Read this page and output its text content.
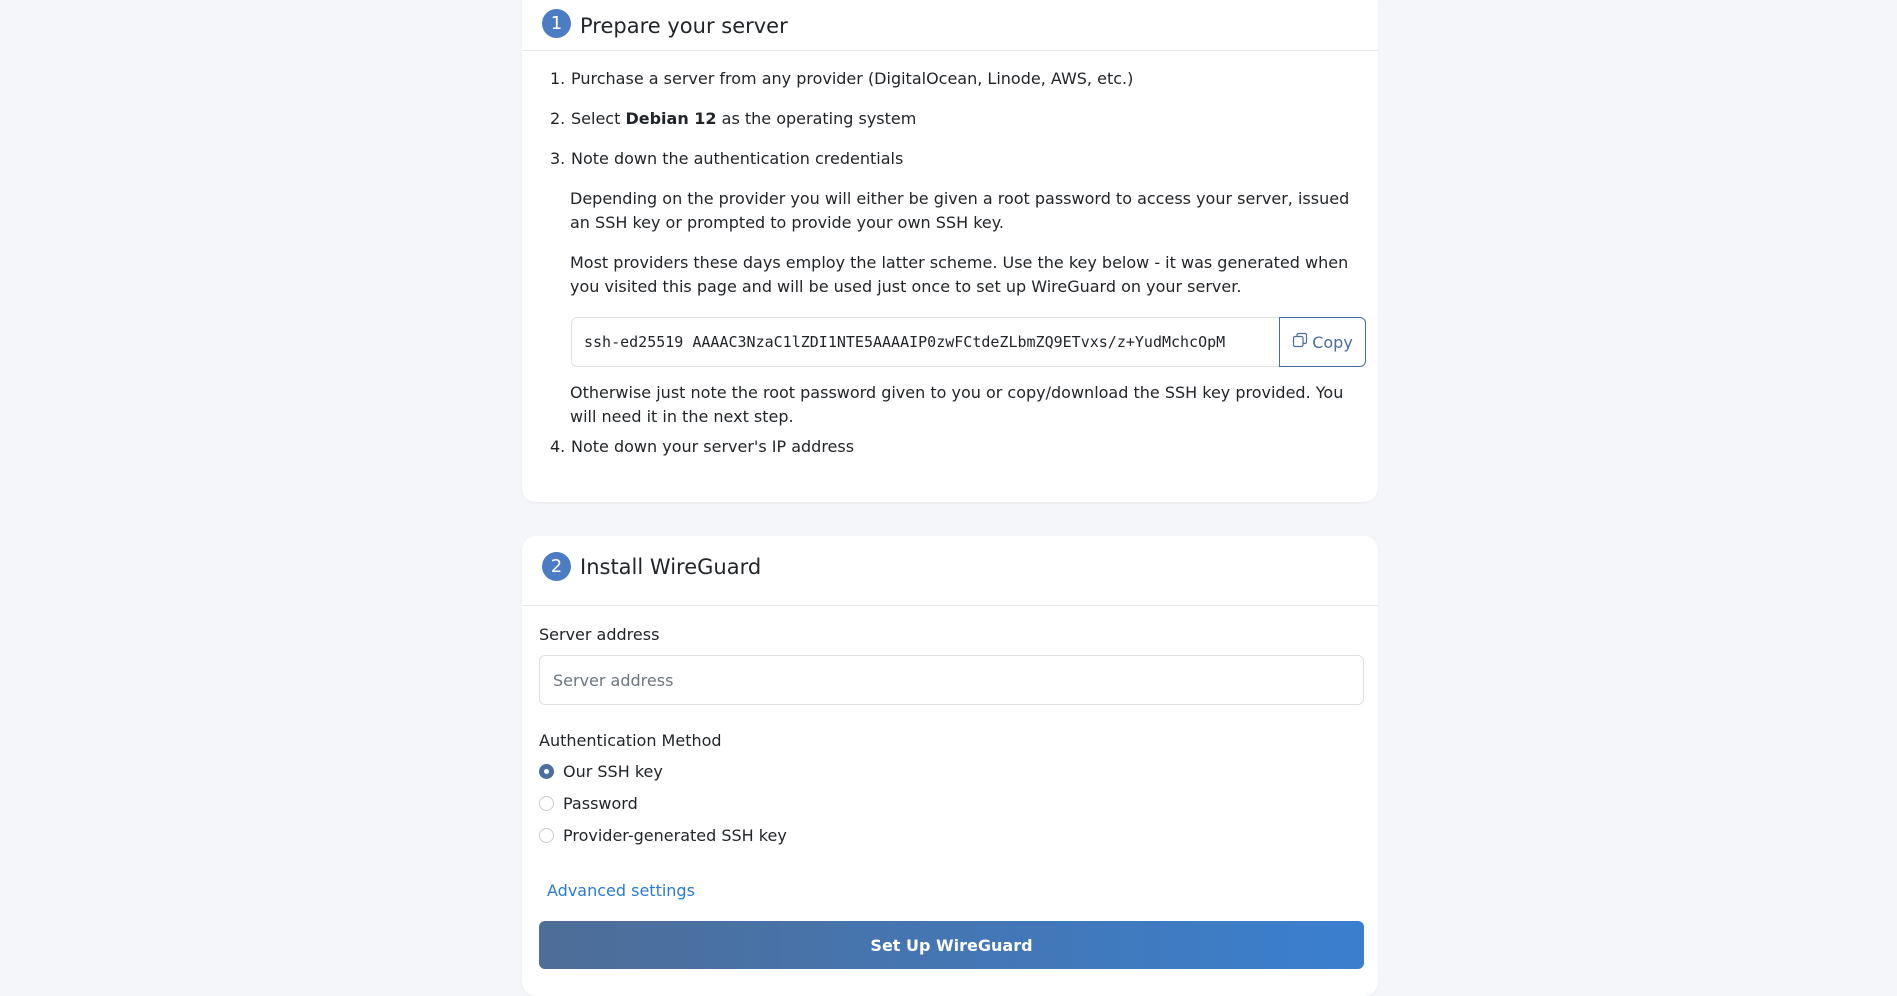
1 Prepare your server
1. Purchase a server from any provider (DigitalOcean, Linode, AWS, etc.)
2. Select Debian 12 as the operating system
3. Note down the authentication credentials
Depending on the provider you will either be given a root password to access your server, issued an SSH key or prompted to provide your own SSH key.
Most providers these days employ the latter scheme. Use the key below - it was generated when you visited this page and will be used just once to set up WireGuard on your server.
ssh-ed25519 AAAAC3NzaC1lZDI1NTE5AAAAIP0zwFCtdeZLbmZQ9ETvxs/z+YudMchcOpM	Copy
Otherwise just note the root password given to you or copy/download the SSH key provided. You will need it in the next step.
4. Note down your server's IP address
2 Install WireGuard
Server address
Server address
Authentication Method
Our SSH key
Password
Provider-generated SSH key
Advanced settings
Set Up WireGuard
